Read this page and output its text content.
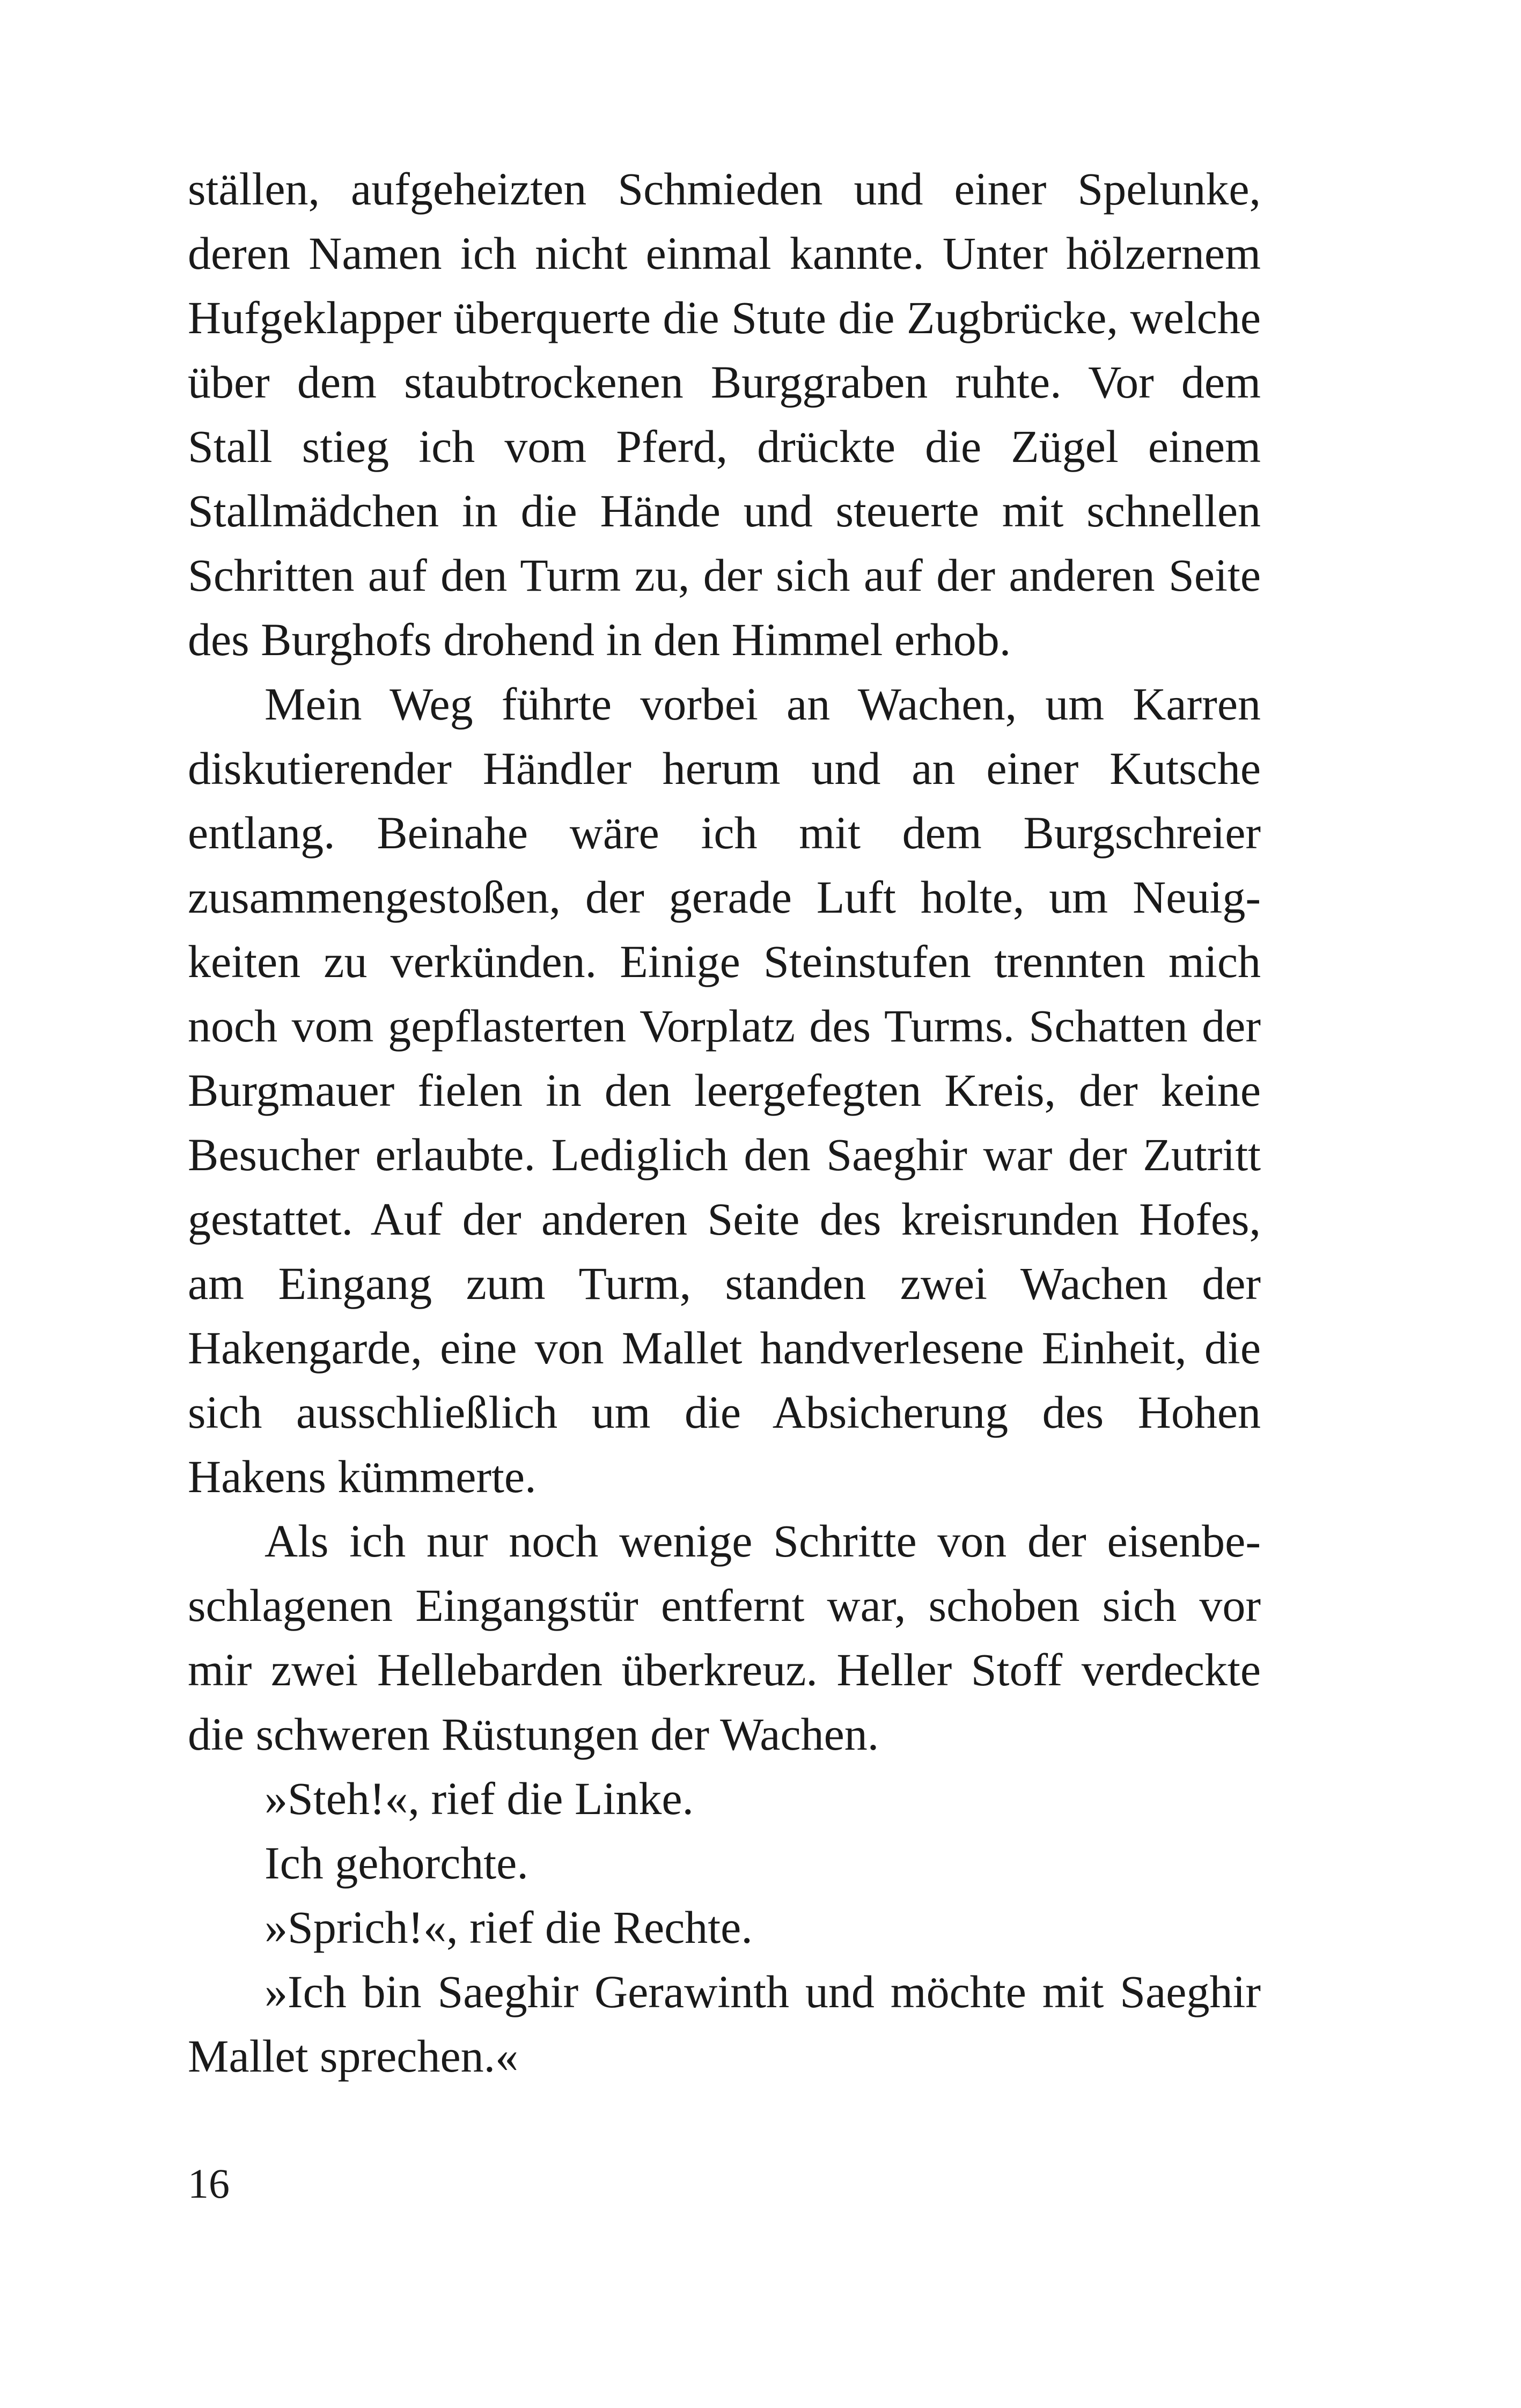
ställen, aufgeheizten Schmieden und einer Spelunke, deren Namen ich nicht einmal kannte. Unter hölzernem Hufgeklapper überquerte die Stute die Zugbrücke, welche über dem staubtrockenen Burggraben ruhte. Vor dem Stall stieg ich vom Pferd, drückte die Zügel einem Stallmädchen in die Hände und steuerte mit schnellen Schritten auf den Turm zu, der sich auf der anderen Seite des Burghofs drohend in den Himmel erhob.

Mein Weg führte vorbei an Wachen, um Karren diskutierender Händler herum und an einer Kutsche entlang. Beinahe wäre ich mit dem Burgschreier zusammengestoßen, der gerade Luft holte, um Neuigkeiten zu verkünden. Einige Steinstufen trennten mich noch vom gepflasterten Vorplatz des Turms. Schatten der Burgmauer fielen in den leergefegten Kreis, der keine Besucher erlaubte. Lediglich den Saeghir war der Zutritt gestattet. Auf der anderen Seite des kreisrunden Hofes, am Eingang zum Turm, standen zwei Wachen der Hakengarde, eine von Mallet handverlesene Einheit, die sich ausschließlich um die Absicherung des Hohen Hakens kümmerte.

Als ich nur noch wenige Schritte von der eisenbeschlagenen Eingangstür entfernt war, schoben sich vor mir zwei Hellebarden überkreuz. Heller Stoff verdeckte die schweren Rüstungen der Wachen.

»Steh!«, rief die Linke.

Ich gehorchte.

»Sprich!«, rief die Rechte.

»Ich bin Saeghir Gerawinth und möchte mit Saeghir Mallet sprechen.«

16
